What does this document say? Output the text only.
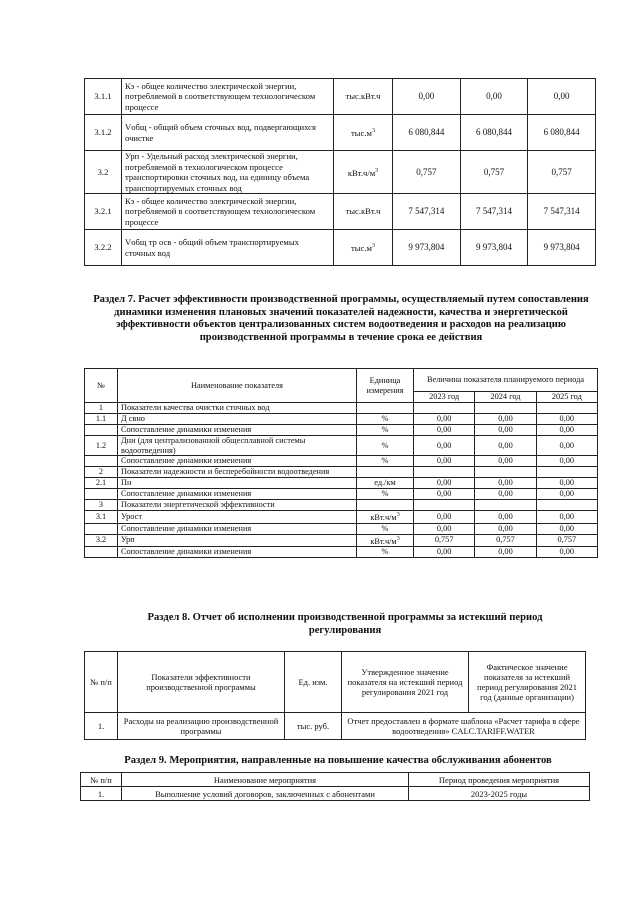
3.1.1	Кэ - общее количество электрической энергии, потребляемой в соответствующем технологическом процессе	тыс.кВт.ч	0,00	0,00	0,00
3.1.2	Vобщ - общий объем сточных вод, подвергающихся очистке	$тыс.м^3$	6 080,844	6 080,844	6 080,844
3.2	Урп - Удельный расход электрической энергии, потребляемой в технологическом процессе транспортировки сточных вод, на единицу объема транспортируемых сточных вод	$кВт.ч/м^3$	0,757	0,757	0,757
3.2.1	Кэ - общее количество электрической энергии, потребляемой в соответствующем технологическом процессе	тыс.кВт.ч	7 547,314	7 547,314	7 547,314
3.2.2	Vобщ тр осв - общий объем транспортируемых сточных вод	$тыс.м^3$	9 973,804	9 973,804	9 973,804
Раздел 7. Расчет эффективности производственной программы, осуществляемый путем сопоставления динамики изменения плановых значений показателей надежности, качества и энергетической эффективности объектов централизованных систем водоотведения и расходов на реализацию производственной программы в течение срока ее действия
№	Наименование показателя	Единица измерения	Величина показателя планируемого периода		
			2023 год	2024 год	2025 год
1	Показатели качества очистки сточных вод				
1.1	Д свно	%	0,00	0,00	0,00
	Сопоставление динамики изменения	%	0,00	0,00	0,00
1.2	Дни (для централизованной общесплавной системы водоотведения)	%	0,00	0,00	0,00
	Сопоставление динамики изменения	%	0,00	0,00	0,00
2	Показатели надежности и бесперебойности водоотведения				
2.1	Пн	ед./км	0,00	0,00	0,00
	Сопоставление динамики изменения	%	0,00	0,00	0,00
3	Показатели энергетической эффективности				
3.1	Урост	$кВт.ч/м^3$	0,00	0,00	0,00
	Сопоставление динамики изменения	%	0,00	0,00	0,00
3.2	Урп	$кВт.ч/м^3$	0,757	0,757	0,757
	Сопоставление динамики изменения	%	0,00	0,00	0,00
Раздел 8. Отчет об исполнении производственной программы за истекший период регулирования
№ п/п	Показатели эффективности производственной программы	Ед. изм.	Утвержденное значение показателя на истекший период регулирования 2021 год	Фактическое значение показателя за истекший период регулирования 2021 год (данные организации)
1.	Расходы на реализацию производственной программы	тыс. руб.	Отчет предоставлен в формате шаблона «Расчет тарифа в сфере водоотведения» CALC.TARIFF.WATER	
Раздел 9. Мероприятия, направленные на повышение качества обслуживания абонентов
№ п/п	Наименование мероприятия	Период проведения мероприятия
1.	Выполнение условий договоров, заключенных с абонентами	2023-2025 годы
